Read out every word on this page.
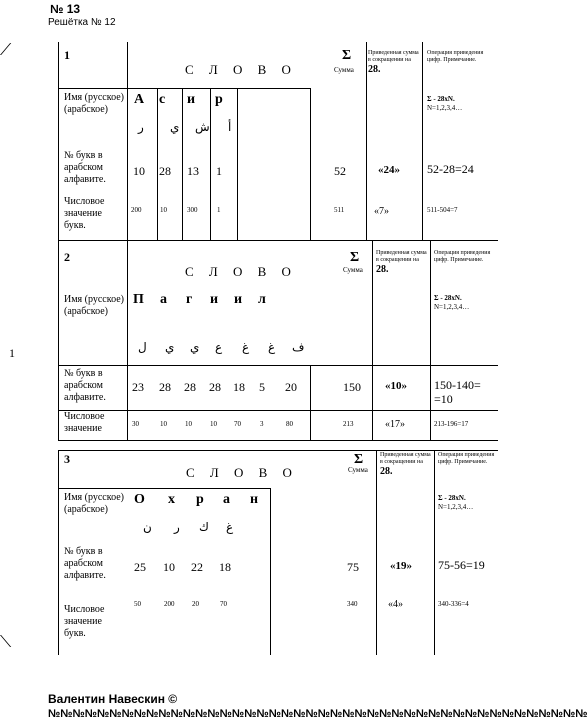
№ 13
Решётка № 12
1
⟋
⟍
1
С Л О В О
Σ
Сумма
Приведенная сумма в сокращении на 28.
Операция приведения цифр. Примечание.
Σ - 28xN.
N=1,2,3,4…
Имя (русское) (арабское)
А с и р
ر ي ش أ
№ букв в арабском алфавите.
10 28 13 1	52	«24» 52-28=24
Числовое значение букв.
200	10	300	1	511	«7»	511-504=7
2
С Л О В О
Σ
Сумма
Приведенная сумма в сокращении на 28.
Операция приведения цифр. Примечание.
Σ - 28xN.
N=1,2,3,4…
Имя (русское) (арабское)
П а г и и л
ل ي ي ع غ غ ف
№ букв в арабском алфавите.
23 28 28 28 18 5 20	150 «10» 150-140= =10
Числовое значение	30	10	10	10 70	3	80	213	«17»	213-196=17
3
С Л О В О
Σ
Сумма
Приведенная сумма в сокращении на 28.
Операция приведения цифр. Примечание.
Σ - 28xN.
N=1,2,3,4…
Имя (русское) (арабское)
О х р а н
ن ر ك غ
№ букв в арабском алфавите.
25 10 22 18	75	«19» 75-56=19
Числовое значение букв.
50	200	20	70	340	«4»	340-336=4
Валентин Навескин ©
№№№№№№№№№№№№№№№№№№№№№№№№№№№№№№№№№№№№№№№№№№№№
